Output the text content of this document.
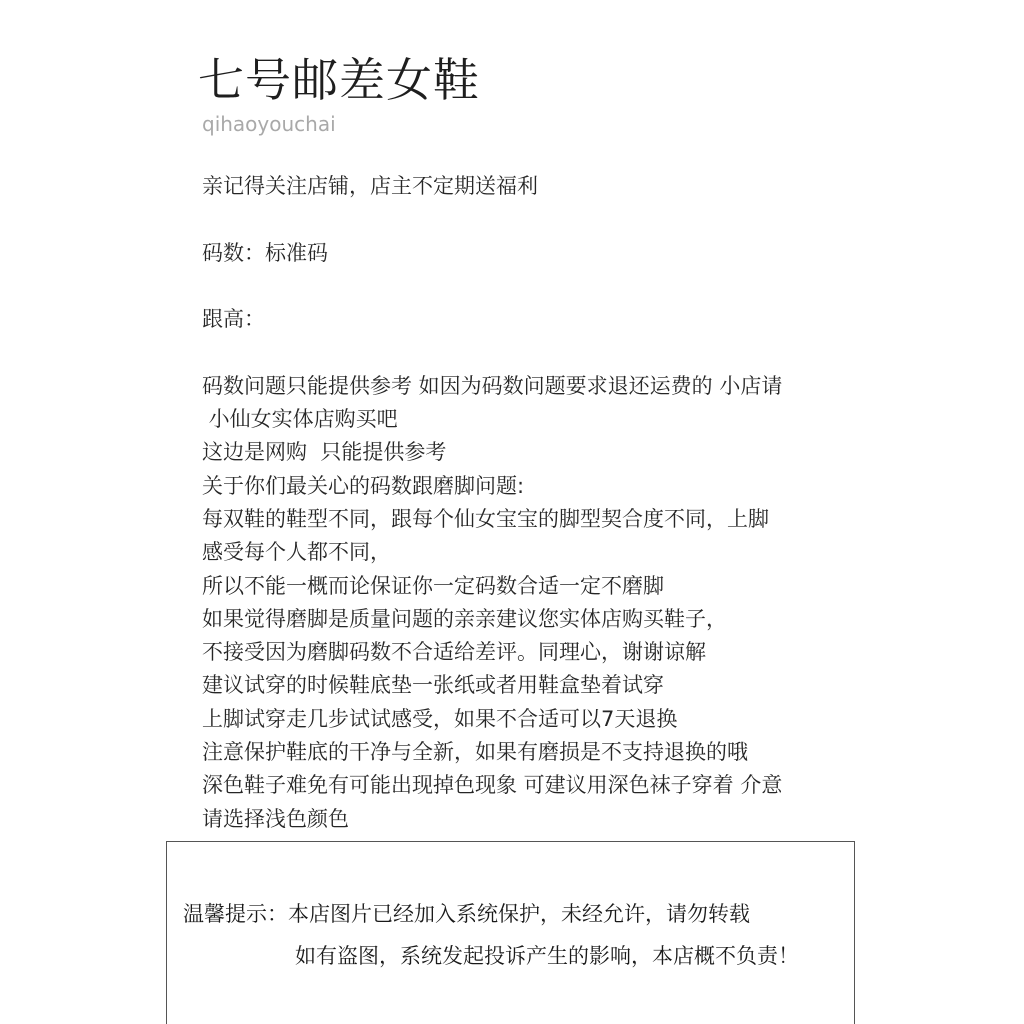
七号邮差女鞋
qihaoyouchai
亲记得关注店铺，店主不定期送福利
码数：标准码
跟高：
码数问题只能提供参考 如因为码数问题要求退还运费的 小店请
小仙女实体店购买吧
这边是网购  只能提供参考
关于你们最关心的码数跟磨脚问题:
每双鞋的鞋型不同，跟每个仙女宝宝的脚型契合度不同，上脚
感受每个人都不同，
所以不能一概而论保证你一定码数合适一定不磨脚
如果觉得磨脚是质量问题的亲亲建议您实体店购买鞋子，
不接受因为磨脚码数不合适给差评。同理心，谢谢谅解
建议试穿的时候鞋底垫一张纸或者用鞋盒垫着试穿
上脚试穿走几步试试感受，如果不合适可以7天退换
注意保护鞋底的干净与全新，如果有磨损是不支持退换的哦
深色鞋子难免有可能出现掉色现象 可建议用深色袜子穿着 介意
请选择浅色颜色
温馨提示：本店图片已经加入系统保护，未经允许，请勿转载
如有盗图，系统发起投诉产生的影响，本店概不负责！
